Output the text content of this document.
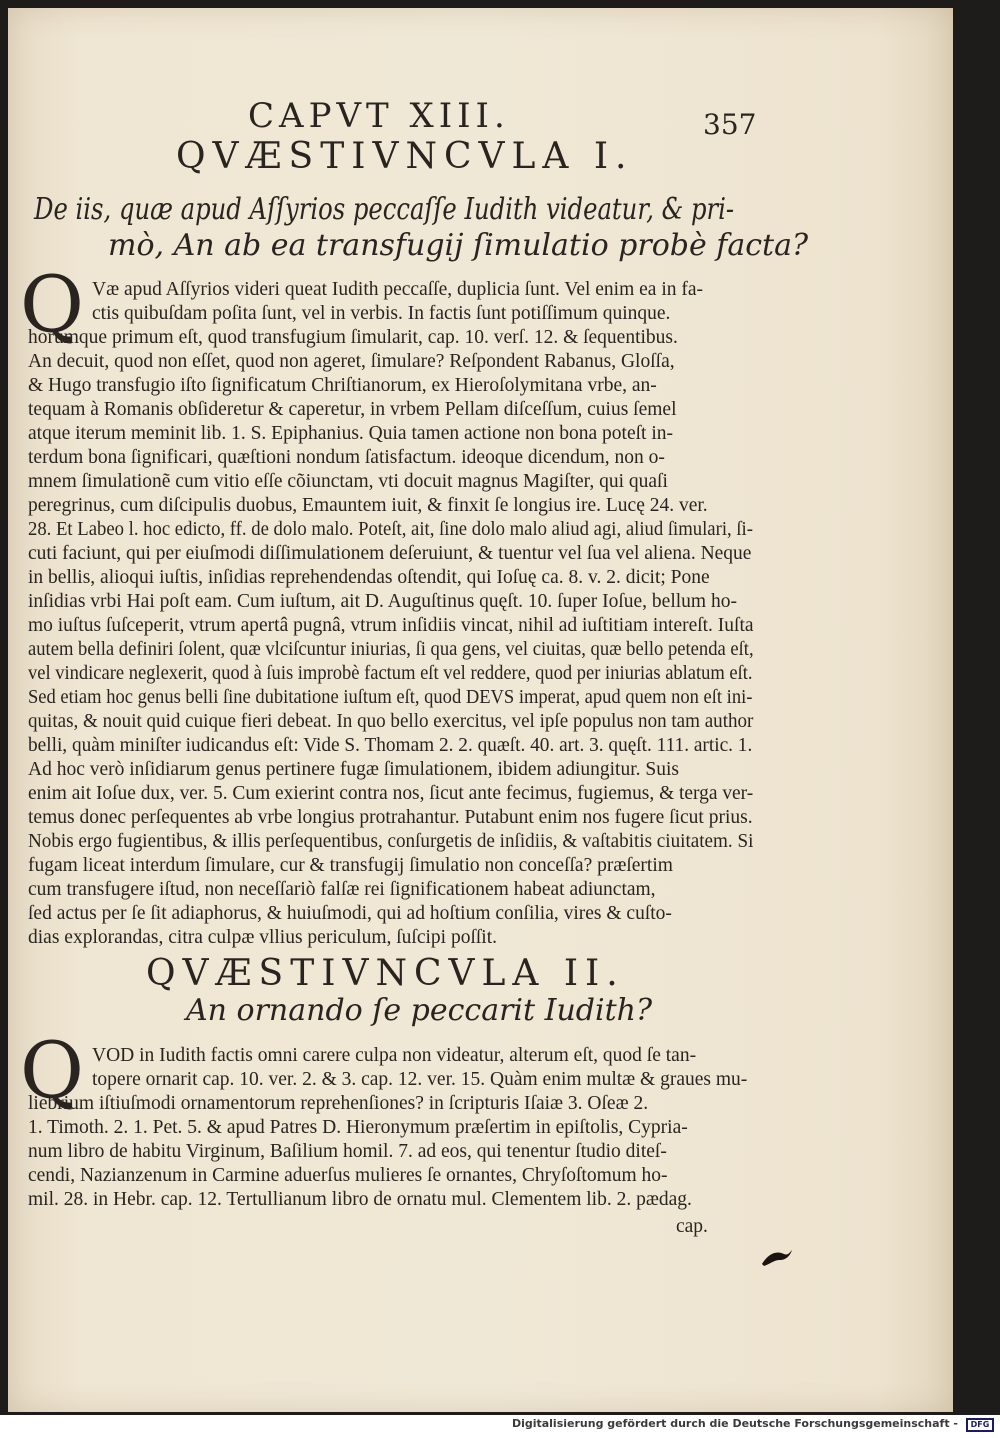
CAPVT XIII.	357
QVÆSTIVNCVLA I.
De iis, quæ apud Aſſyrios peccaſſe Iudith videatur, & pri-
mò, An ab ea transfugij ſimulatio probè facta?
Q Væ apud Aſſyrios videri queat Iudith peccaſſe, duplicia ſunt. Vel enim ea in fa-
ctis quibuſdam poſita ſunt, vel in verbis. In factis ſunt potiſſimum quinque.
horumque primum eſt, quod transfugium ſimularit, cap. 10. verſ. 12. & ſequentibus.
An decuit, quod non eſſet, quod non ageret, ſimulare? Reſpondent Rabanus, Gloſſa,
& Hugo transfugio iſto ſignificatum Chriſtianorum, ex Hieroſolymitana vrbe, an-
tequam à Romanis obſideretur & caperetur, in vrbem Pellam diſceſſum, cuius ſemel
atque iterum meminit lib. 1. S. Epiphanius. Quia tamen actione non bona poteſt in-
terdum bona ſignificari, quæſtioni nondum ſatisfactum. ideoque dicendum, non o-
mnem ſimulationẽ cum vitio eſſe cõiunctam, vti docuit magnus Magiſter, qui quaſi
peregrinus, cum diſcipulis duobus, Emauntem iuit, & finxit ſe longius ire. Lucę 24. ver.
28. Et Labeo l. hoc edicto, ff. de dolo malo. Poteſt, ait, ſine dolo malo aliud agi, aliud ſimulari, ſi-
cuti faciunt, qui per eiuſmodi diſſimulationem deſeruiunt, & tuentur vel ſua vel aliena. Neque
in bellis, alioqui iuſtis, inſidias reprehendendas oſtendit, qui Ioſuę ca. 8. v. 2. dicit; Pone
inſidias vrbi Hai poſt eam. Cum iuſtum, ait D. Auguſtinus quęſt. 10. ſuper Ioſue, bellum ho-
mo iuſtus ſuſceperit, vtrum apertâ pugnâ, vtrum inſidiis vincat, nihil ad iuſtitiam intereſt. Iuſta
autem bella definiri ſolent, quæ vlciſcuntur iniurias, ſi qua gens, vel ciuitas, quæ bello petenda eſt,
vel vindicare neglexerit, quod à ſuis improbè factum eſt vel reddere, quod per iniurias ablatum eſt.
Sed etiam hoc genus belli ſine dubitatione iuſtum eſt, quod DEVS imperat, apud quem non eſt ini-
quitas, & nouit quid cuique fieri debeat. In quo bello exercitus, vel ipſe populus non tam author
belli, quàm miniſter iudicandus eſt: Vide S. Thomam 2. 2. quæſt. 40. art. 3. quęſt. 111. artic. 1.
Ad hoc verò inſidiarum genus pertinere fugæ ſimulationem, ibidem adiungitur. Suis
enim ait Ioſue dux, ver. 5. Cum exierint contra nos, ſicut ante fecimus, fugiemus, & terga ver-
temus donec perſequentes ab vrbe longius protrahantur. Putabunt enim nos fugere ſicut prius.
Nobis ergo fugientibus, & illis perſequentibus, conſurgetis de inſidiis, & vaſtabitis ciuitatem. Si
fugam liceat interdum ſimulare, cur & transfugij ſimulatio non conceſſa? præſertim
cum transfugere iſtud, non neceſſariò falſæ rei ſignificationem habeat adiunctam,
ſed actus per ſe ſit adiaphorus, & huiuſmodi, qui ad hoſtium conſilia, vires & cuſto-
dias explorandas, citra culpæ vllius periculum, ſuſcipi poſſit.
QVÆSTIVNCVLA II.
An ornando ſe peccarit Iudith?
Q VOD in Iudith factis omni carere culpa non videatur, alterum eſt, quod ſe tan-
topere ornarit cap. 10. ver. 2. & 3. cap. 12. ver. 15. Quàm enim multæ & graues mu-
liebrium iſtiuſmodi ornamentorum reprehenſiones? in ſcripturis Iſaiæ 3. Oſeæ 2.
1. Timoth. 2. 1. Pet. 5. & apud Patres D. Hieronymum præſertim in epiſtolis, Cypria-
num libro de habitu Virginum, Baſilium homil. 7. ad eos, qui tenentur ſtudio diteſ-
cendi, Nazianzenum in Carmine aduerſus mulieres ſe ornantes, Chryſoſtomum ho-
mil. 28. in Hebr. cap. 12. Tertullianum libro de ornatu mul. Clementem lib. 2. pædag.
cap.
Digitalisierung gefördert durch die Deutsche Forschungsgemeinschaft -	DFG
